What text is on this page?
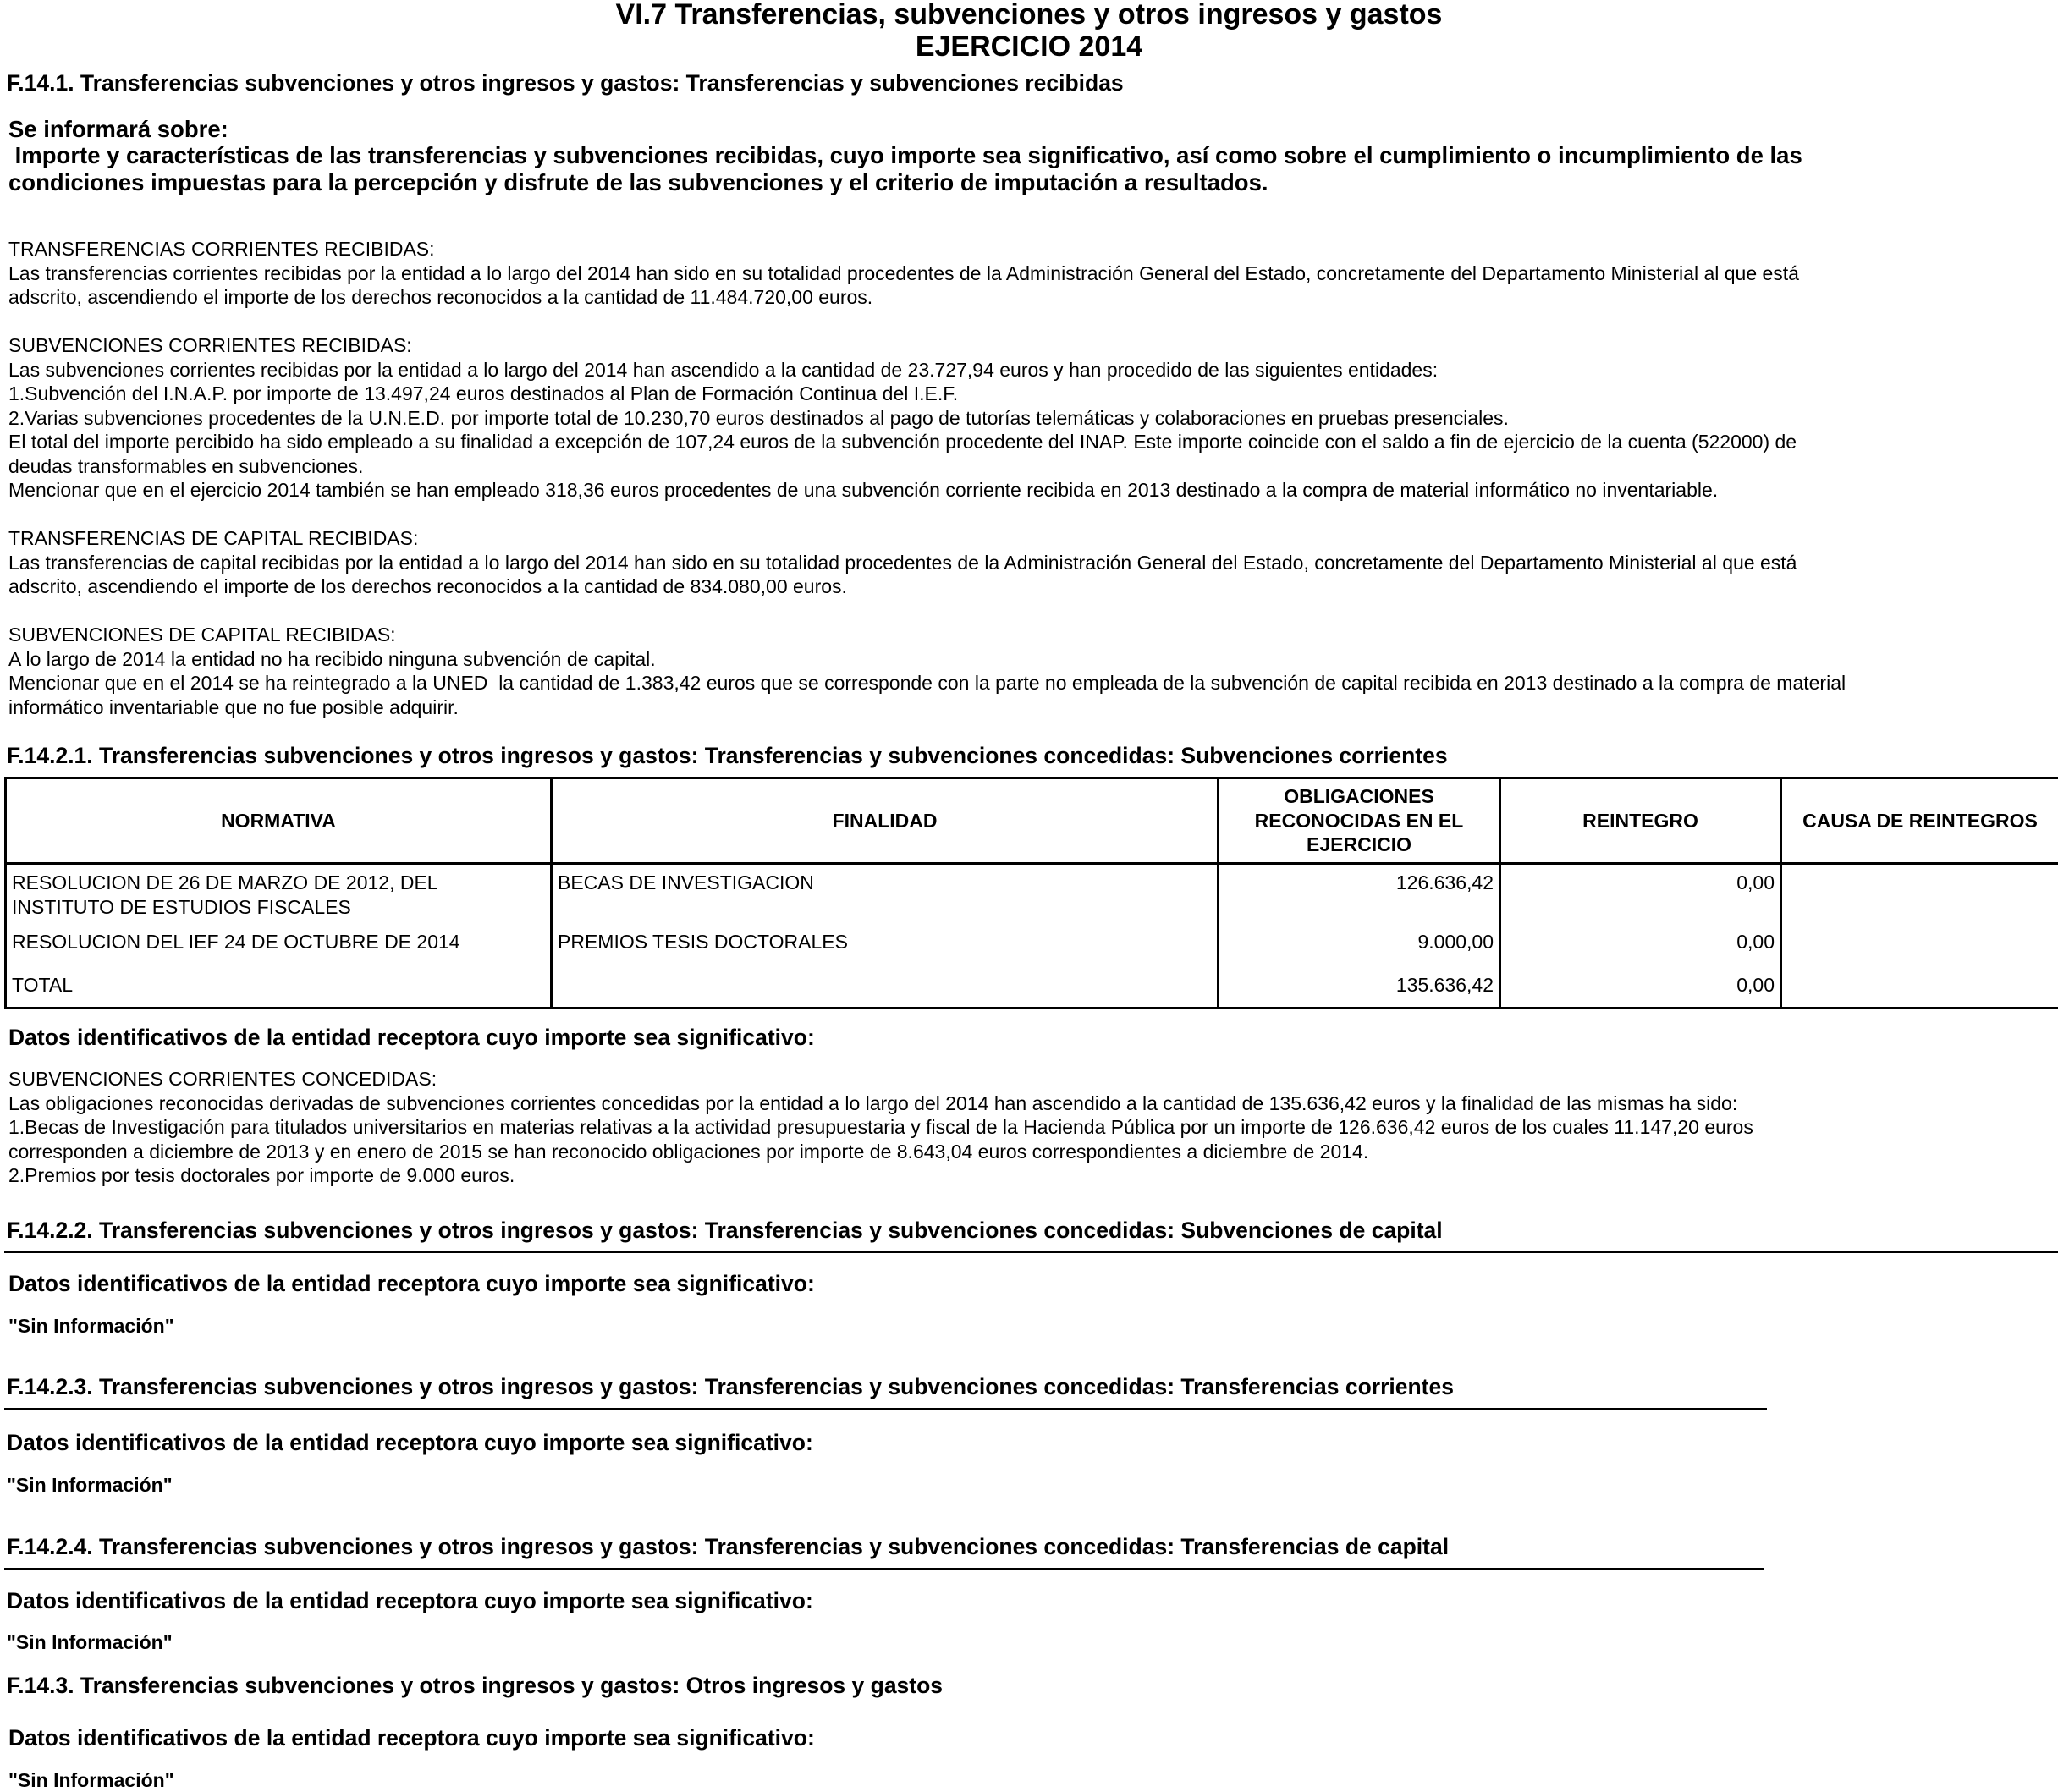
VI.7 Transferencias, subvenciones y otros ingresos y gastos
EJERCICIO 2014
F.14.1. Transferencias subvenciones y otros ingresos y gastos: Transferencias y subvenciones recibidas
Se informará sobre:
Importe y características de las transferencias y subvenciones recibidas, cuyo importe sea significativo, así como sobre el cumplimiento o incumplimiento de las
condiciones impuestas para la percepción y disfrute de las subvenciones y el criterio de imputación a resultados.
TRANSFERENCIAS CORRIENTES RECIBIDAS:
Las transferencias corrientes recibidas por la entidad a lo largo del 2014 han sido en su totalidad procedentes de la Administración General del Estado, concretamente del Departamento Ministerial al que está
adscrito, ascendiendo el importe de los derechos reconocidos a la cantidad de 11.484.720,00 euros.
SUBVENCIONES CORRIENTES RECIBIDAS:
Las subvenciones corrientes recibidas por la entidad a lo largo del 2014 han ascendido a la cantidad de 23.727,94 euros y han procedido de las siguientes entidades:
1.Subvención del I.N.A.P. por importe de 13.497,24 euros destinados al Plan de Formación Continua del I.E.F.
2.Varias subvenciones procedentes de la U.N.E.D. por importe total de 10.230,70 euros destinados al pago de tutorías telemáticas y colaboraciones en pruebas presenciales.
El total del importe percibido ha sido empleado a su finalidad a excepción de 107,24 euros de la subvención procedente del INAP. Este importe coincide con el saldo a fin de ejercicio de la cuenta (522000) de
deudas transformables en subvenciones.
Mencionar que en el ejercicio 2014 también se han empleado 318,36 euros procedentes de una subvención corriente recibida en 2013 destinado a la compra de material informático no inventariable.
TRANSFERENCIAS DE CAPITAL RECIBIDAS:
Las transferencias de capital recibidas por la entidad a lo largo del 2014 han sido en su totalidad procedentes de la Administración General del Estado, concretamente del Departamento Ministerial al que está
adscrito, ascendiendo el importe de los derechos reconocidos a la cantidad de 834.080,00 euros.
SUBVENCIONES DE CAPITAL RECIBIDAS:
A lo largo de 2014 la entidad no ha recibido ninguna subvención de capital.
Mencionar que en el 2014 se ha reintegrado a la UNED  la cantidad de 1.383,42 euros que se corresponde con la parte no empleada de la subvención de capital recibida en 2013 destinado a la compra de material
informático inventariable que no fue posible adquirir.
F.14.2.1. Transferencias subvenciones y otros ingresos y gastos: Transferencias y subvenciones concedidas: Subvenciones corrientes
NORMATIVA	FINALIDAD	OBLIGACIONES RECONOCIDAS EN EL EJERCICIO	REINTEGRO	CAUSA DE REINTEGROS
RESOLUCION DE 26 DE MARZO DE 2012, DEL INSTITUTO DE ESTUDIOS FISCALES	BECAS DE INVESTIGACION	126.636,42	0,00	
RESOLUCION DEL IEF 24 DE OCTUBRE DE 2014	PREMIOS TESIS DOCTORALES	9.000,00	0,00	
TOTAL		135.636,42	0,00	
Datos identificativos de la entidad receptora cuyo importe sea significativo:
SUBVENCIONES CORRIENTES CONCEDIDAS:
Las obligaciones reconocidas derivadas de subvenciones corrientes concedidas por la entidad a lo largo del 2014 han ascendido a la cantidad de 135.636,42 euros y la finalidad de las mismas ha sido:
1.Becas de Investigación para titulados universitarios en materias relativas a la actividad presupuestaria y fiscal de la Hacienda Pública por un importe de 126.636,42 euros de los cuales 11.147,20 euros
corresponden a diciembre de 2013 y en enero de 2015 se han reconocido obligaciones por importe de 8.643,04 euros correspondientes a diciembre de 2014.
2.Premios por tesis doctorales por importe de 9.000 euros.
F.14.2.2. Transferencias subvenciones y otros ingresos y gastos: Transferencias y subvenciones concedidas: Subvenciones de capital
Datos identificativos de la entidad receptora cuyo importe sea significativo:
"Sin Información"
F.14.2.3. Transferencias subvenciones y otros ingresos y gastos: Transferencias y subvenciones concedidas: Transferencias corrientes
Datos identificativos de la entidad receptora cuyo importe sea significativo:
"Sin Información"
F.14.2.4. Transferencias subvenciones y otros ingresos y gastos: Transferencias y subvenciones concedidas: Transferencias de capital
Datos identificativos de la entidad receptora cuyo importe sea significativo:
"Sin Información"
F.14.3. Transferencias subvenciones y otros ingresos y gastos: Otros ingresos y gastos
Datos identificativos de la entidad receptora cuyo importe sea significativo:
"Sin Información"
